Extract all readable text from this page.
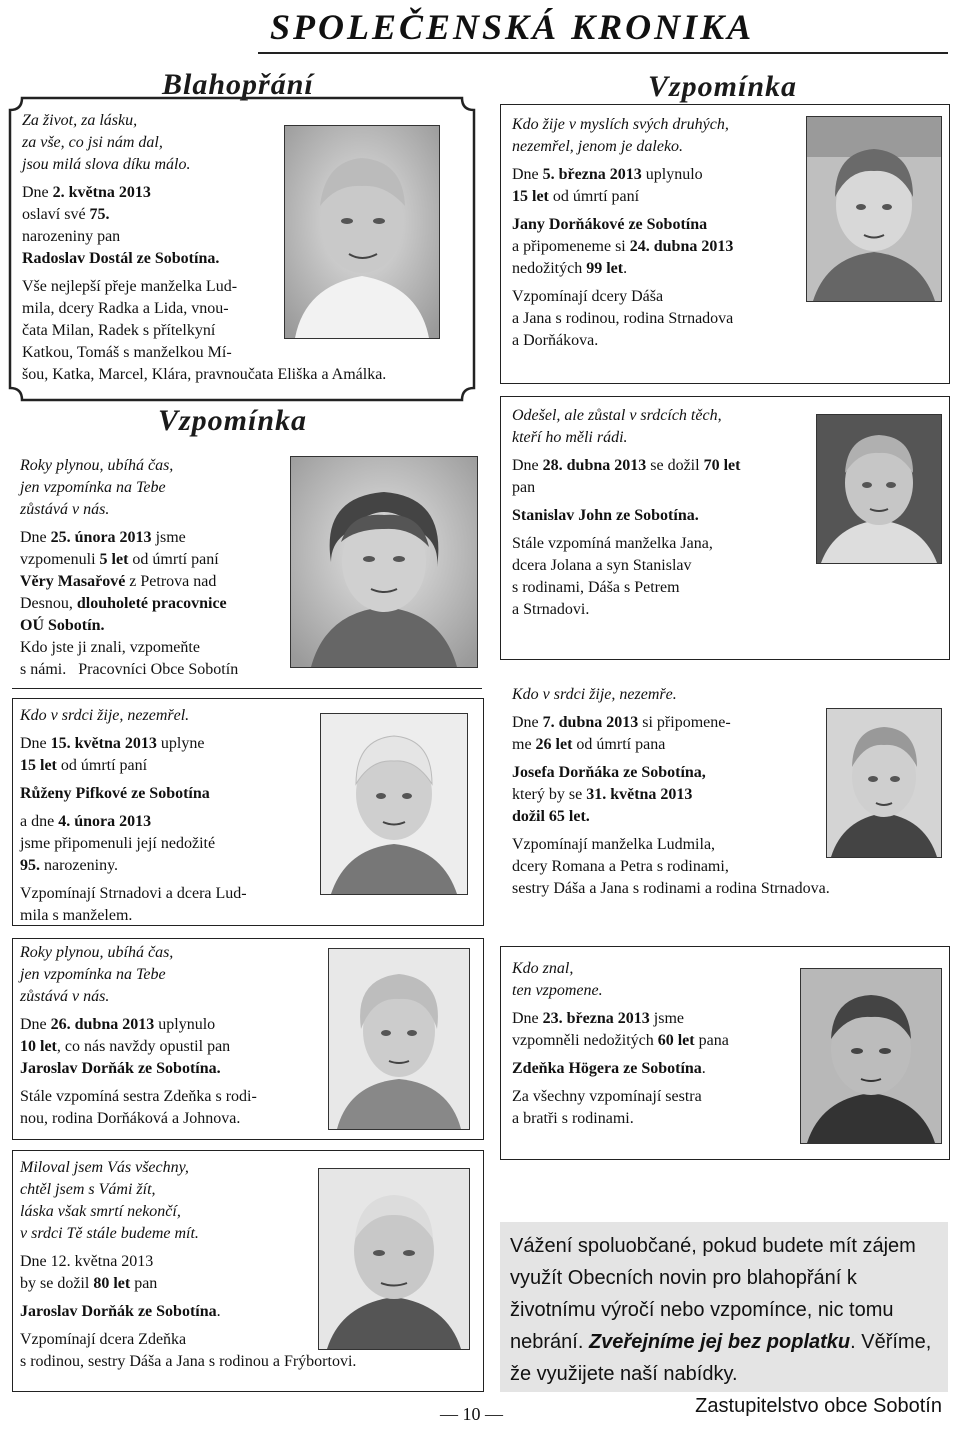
SPOLEČENSKÁ KRONIKA
Blahopřání
Vzpomínka
Vzpomínka

Za život, za lásku,

za vše, co jsi nám dal,

jsou milá slova díku málo.

Dne 2. května 2013

oslaví své 75.

narozeniny pan

Radoslav Dostál ze Sobotína.

Vše nejlepší přeje manželka Lud-

mila, dcery Radka a Lida, vnou-

čata Milan, Radek s přítelkyní

Katkou, Tomáš s manželkou Mí-

šou, Katka, Marcel, Klára, pravnoučata Eliška a Amálka.

Roky plynou, ubíhá čas,

jen vzpomínka na Tebe

zůstává v nás.

Dne 25. února 2013 jsme

vzpomenuli 5 let od úmrtí paní

Věry Masařové z Petrova nad

Desnou, dlouholeté pracovnice

OÚ Sobotín.

Kdo jste ji znali, vzpomeňte

s námi. Pracovníci Obce Sobotín

Kdo v srdci žije, nezemřel.

Dne 15. května 2013 uplyne

15 let od úmrtí paní

Růženy Pifkové ze Sobotína

a dne 4. února 2013

jsme připomenuli její nedožité

95. narozeniny.

Vzpomínají Strnadovi a dcera Lud-

mila s manželem.

Roky plynou, ubíhá čas,

jen vzpomínka na Tebe

zůstává v nás.

Dne 26. dubna 2013 uplynulo

10 let, co nás navždy opustil pan

Jaroslav Dorňák ze Sobotína.

Stále vzpomíná sestra Zdeňka s rodi-

nou, rodina Dorňáková a Johnova.

Miloval jsem Vás všechny,

chtěl jsem s Vámi žít,

láska však smrtí nekončí,

v srdci Tě stále budeme mít.

Dne 12. května 2013

by se dožil 80 let pan

Jaroslav Dorňák ze Sobotína.

Vzpomínají dcera Zdeňka

s rodinou, sestry Dáša a Jana s rodinou a Frýbortovi.

Kdo žije v myslích svých druhých,

nezemřel, jenom je daleko.

Dne 5. března 2013 uplynulo

15 let od úmrtí paní

Jany Dorňákové ze Sobotína

a připomeneme si 24. dubna 2013

nedožitých 99 let.

Vzpomínají dcery Dáša

a Jana s rodinou, rodina Strnadova

a Dorňákova.

Odešel, ale zůstal v srdcích těch,

kteří ho měli rádi.

Dne 28. dubna 2013 se dožil 70 let

pan

Stanislav John ze Sobotína.

Stále vzpomíná manželka Jana,

dcera Jolana a syn Stanislav

s rodinami, Dáša s Petrem

a Strnadovi.

Kdo v srdci žije, nezemře.

Dne 7. dubna 2013 si připomene-

me 26 let od úmrtí pana

Josefa Dorňáka ze Sobotína,

který by se 31. května 2013

dožil 65 let.

Vzpomínají manželka Ludmila,

dcery Romana a Petra s rodinami,

sestry Dáša a Jana s rodinami a rodina Strnadova.

Kdo znal,

ten vzpomene.

Dne 23. března 2013 jsme

vzpomněli nedožitých 60 let pana

Zdeňka Högera ze Sobotína.

Za všechny vzpomínají sestra

a bratři s rodinami.

Vážení spoluobčané, pokud budete mít zájem využít Obecních novin pro blahopřání k životnímu výročí nebo vzpomínce, nic tomu nebrání. Zveřejníme jej bez poplatku. Věříme, že využijete naší nabídky.
Zastupitelstvo obce Sobotín
— 10 —
